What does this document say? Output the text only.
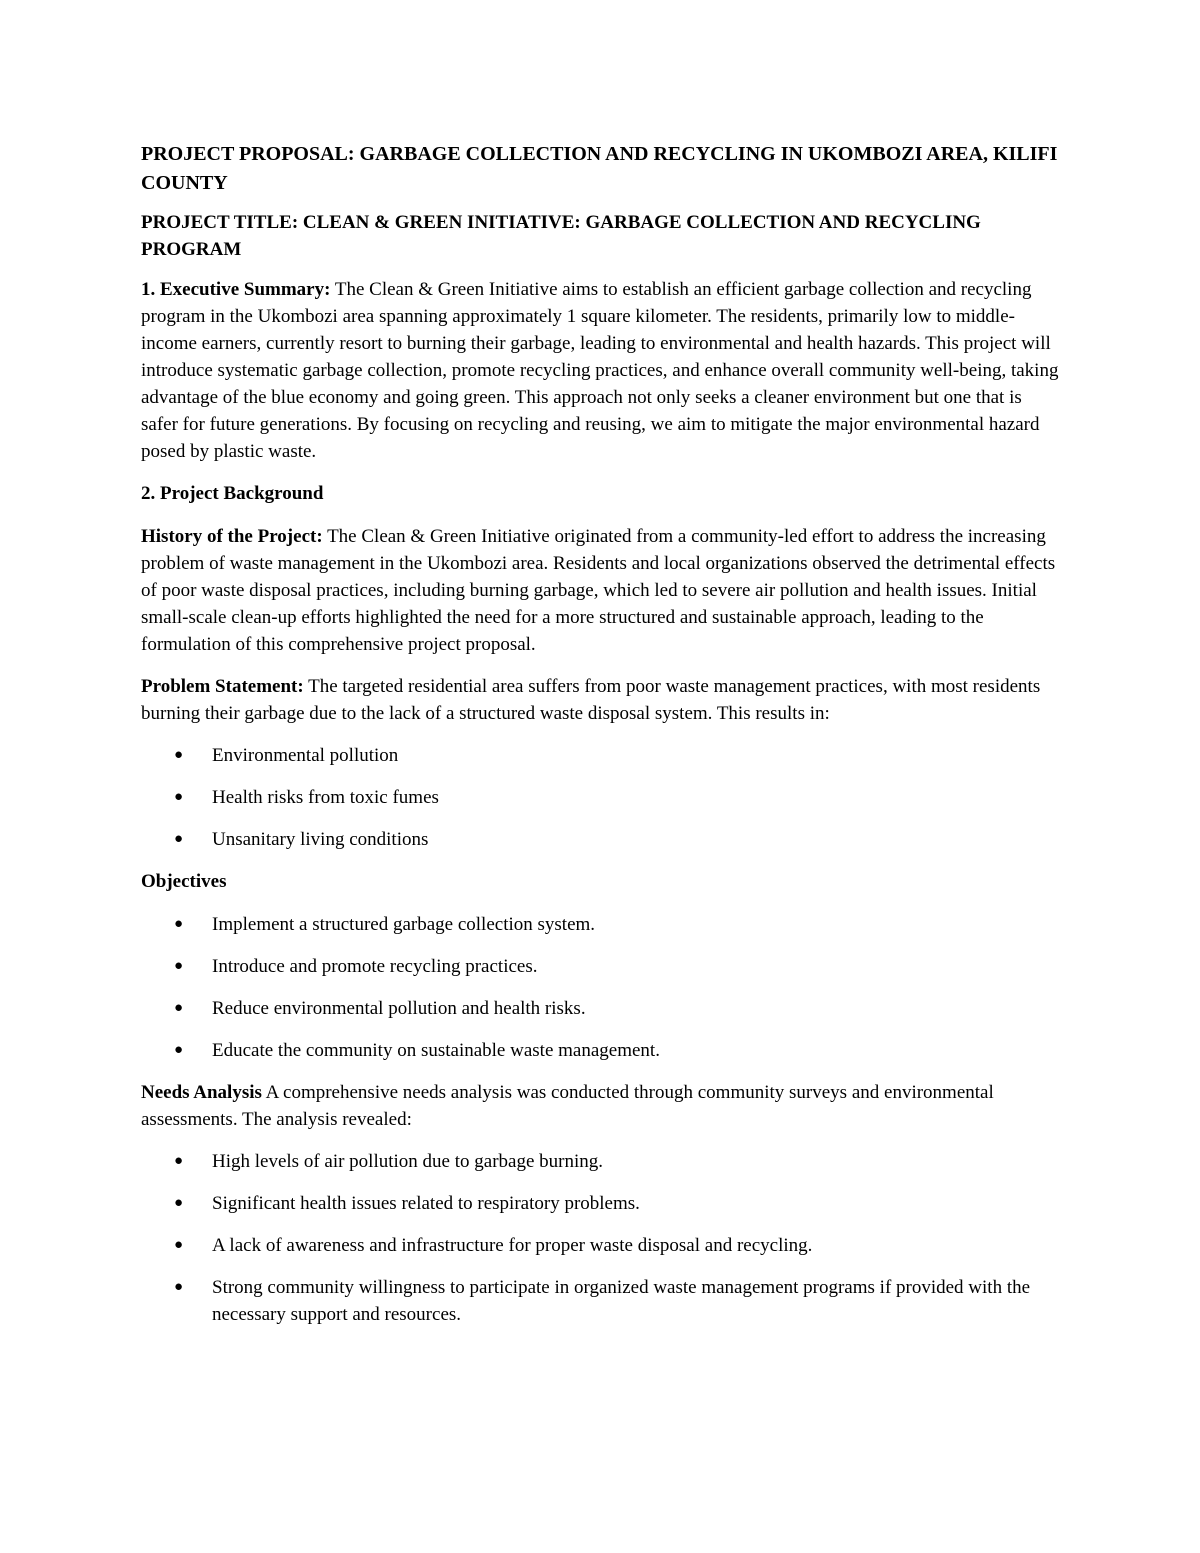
PROJECT PROPOSAL: GARBAGE COLLECTION AND RECYCLING IN UKOMBOZI AREA, KILIFI COUNTY
PROJECT TITLE: CLEAN & GREEN INITIATIVE: GARBAGE COLLECTION AND RECYCLING PROGRAM

1. Executive Summary: The Clean & Green Initiative aims to establish an efficient garbage collection and recycling program in the Ukombozi area spanning approximately 1 square kilometer. The residents, primarily low to middle-income earners, currently resort to burning their garbage, leading to environmental and health hazards. This project will introduce systematic garbage collection, promote recycling practices, and enhance overall community well-being, taking advantage of the blue economy and going green. This approach not only seeks a cleaner environment but one that is safer for future generations. By focusing on recycling and reusing, we aim to mitigate the major environmental hazard posed by plastic waste.

2. Project Background

History of the Project: The Clean & Green Initiative originated from a community-led effort to address the increasing problem of waste management in the Ukombozi area. Residents and local organizations observed the detrimental effects of poor waste disposal practices, including burning garbage, which led to severe air pollution and health issues. Initial small-scale clean-up efforts highlighted the need for a more structured and sustainable approach, leading to the formulation of this comprehensive project proposal.

Problem Statement: The targeted residential area suffers from poor waste management practices, with most residents burning their garbage due to the lack of a structured waste disposal system. This results in:

● Environmental pollution
● Health risks from toxic fumes
● Unsanitary living conditions
Objectives
● Implement a structured garbage collection system.
● Introduce and promote recycling practices.
● Reduce environmental pollution and health risks.
● Educate the community on sustainable waste management.

Needs Analysis A comprehensive needs analysis was conducted through community surveys and environmental assessments. The analysis revealed:

● High levels of air pollution due to garbage burning.
● Significant health issues related to respiratory problems.
● A lack of awareness and infrastructure for proper waste disposal and recycling.
● Strong community willingness to participate in organized waste management programs if provided with the necessary support and resources.
